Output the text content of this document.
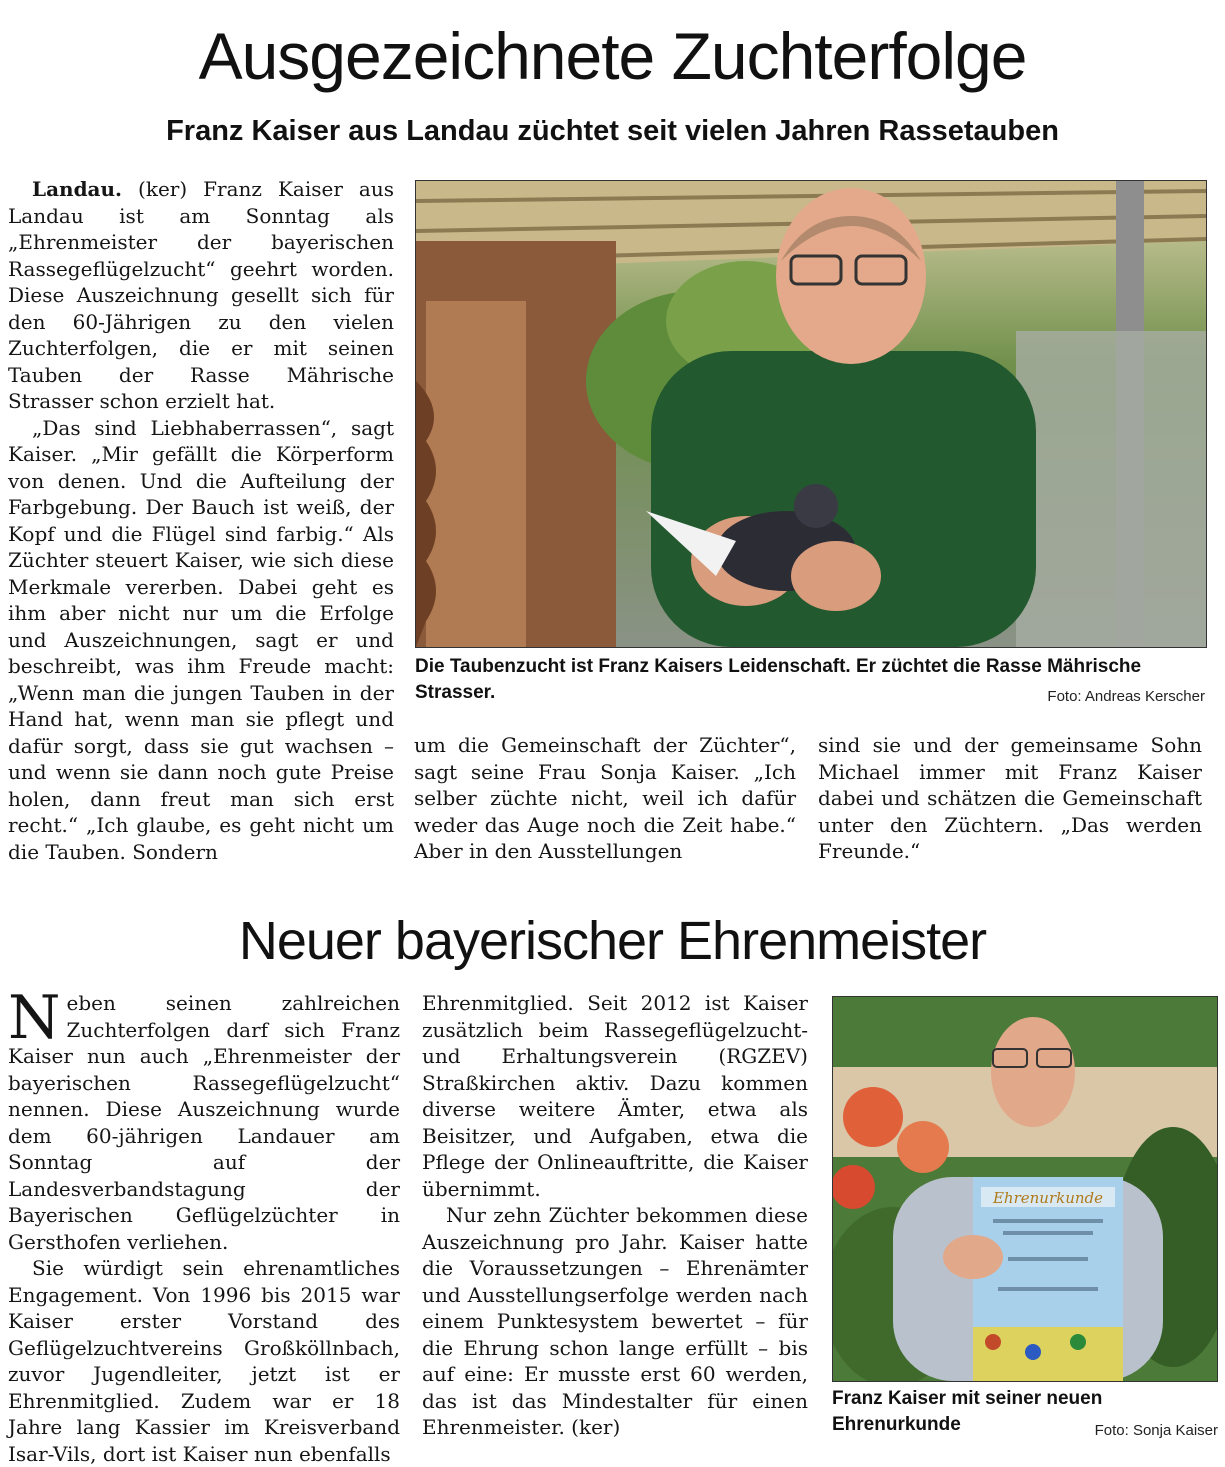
Ausgezeichnete Zuchterfolge
Franz Kaiser aus Landau züchtet seit vielen Jahren Rassetauben

Landau. (ker) Franz Kaiser aus Landau ist am Sonntag als „Ehrenmeister der bayerischen Rassegeflügelzucht“ geehrt worden. Diese Auszeichnung gesellt sich für den 60-Jährigen zu den vielen Zuchterfolgen, die er mit seinen Tauben der Rasse Mährische Strasser schon erzielt hat.

„Das sind Liebhaberrassen“, sagt Kaiser. „Mir gefällt die Körperform von denen. Und die Aufteilung der Farbgebung. Der Bauch ist weiß, der Kopf und die Flügel sind farbig.“ Als Züchter steuert Kaiser, wie sich diese Merkmale vererben. Dabei geht es ihm aber nicht nur um die Erfolge und Auszeichnungen, sagt er und beschreibt, was ihm Freude macht: „Wenn man die jungen Tauben in der Hand hat, wenn man sie pflegt und dafür sorgt, dass sie gut wachsen – und wenn sie dann noch gute Preise holen, dann freut man sich erst recht.“ „Ich glaube, es geht nicht um die Tauben. Sondern

Die Taubenzucht ist Franz Kaisers Leidenschaft. Er züchtet die Rasse Mährische Strasser.	Foto: Andreas Kerscher

um die Gemeinschaft der Züchter“, sagt seine Frau Sonja Kaiser. „Ich selber züchte nicht, weil ich dafür weder das Auge noch die Zeit habe.“ Aber in den Ausstellungen

sind sie und der gemeinsame Sohn Michael immer mit Franz Kaiser dabei und schätzen die Gemeinschaft unter den Züchtern. „Das werden Freunde.“

Neuer bayerischer Ehrenmeister

Neben seinen zahlreichen Zuchterfolgen darf sich Franz Kaiser nun auch „Ehrenmeister der bayerischen Rassegeflügelzucht“ nennen. Diese Auszeichnung wurde dem 60-jährigen Landauer am Sonntag auf der Landesverbandstagung der Bayerischen Geflügelzüchter in Gersthofen verliehen.

Sie würdigt sein ehrenamtliches Engagement. Von 1996 bis 2015 war Kaiser erster Vorstand des Geflügelzuchtvereins Großköllnbach, zuvor Jugendleiter, jetzt ist er Ehrenmitglied. Zudem war er 18 Jahre lang Kassier im Kreisverband Isar-Vils, dort ist Kaiser nun ebenfalls

Ehrenmitglied. Seit 2012 ist Kaiser zusätzlich beim Rassegeflügelzucht- und Erhaltungsverein (RGZEV) Straßkirchen aktiv. Dazu kommen diverse weitere Ämter, etwa als Beisitzer, und Aufgaben, etwa die Pflege der Onlineauftritte, die Kaiser übernimmt.

Nur zehn Züchter bekommen diese Auszeichnung pro Jahr. Kaiser hatte die Voraussetzungen – Ehrenämter und Ausstellungserfolge werden nach einem Punktesystem bewertet – für die Ehrung schon lange erfüllt – bis auf eine: Er musste erst 60 werden, das ist das Mindestalter für einen Ehrenmeister. (ker)

Ehrenurkunde
Franz Kaiser mit seiner neuen Ehrenurkunde	Foto: Sonja Kaiser
